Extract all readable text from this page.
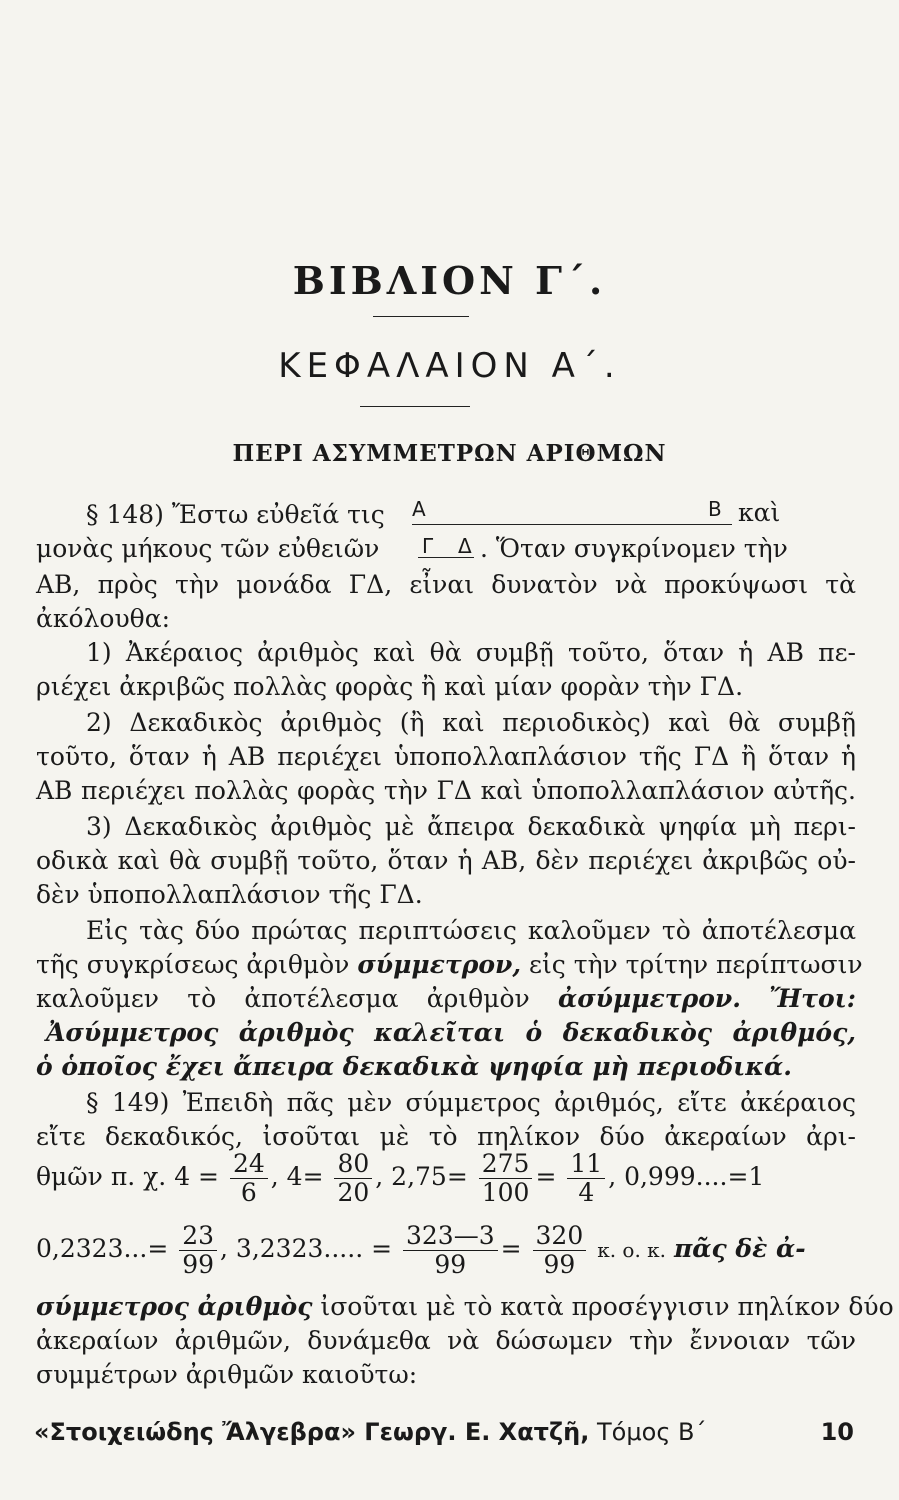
ΒΙΒΛΙΟΝ Γ΄.
ΚΕΦΑΛΑΙΟΝ Α΄.
ΠΕΡΙ ΑΣΥΜΜΕΤΡΩΝ ΑΡΙΘΜΩΝ
§ 148) Ἔστω εὐθεῖά τις	A	B καὶ
μονὰς μήκους τῶν εὐθειῶν Γ Δ . Ὅταν συγκρίνομεν τὴν
AB, πρὸς τὴν μονάδα ΓΔ, εἶναι δυνατὸν νὰ προκύψωσι τὰ
ἀκόλουθα:
1) Ἀκέραιος ἀριθμὸς καὶ θὰ συμβῇ τοῦτο, ὅταν ἡ AB πε-
ριέχει ἀκριβῶς πολλὰς φορὰς ἢ καὶ μίαν φορὰν τὴν ΓΔ.
2) Δεκαδικὸς ἀριθμὸς (ἢ καὶ περιοδικὸς) καὶ θὰ συμβῇ
τοῦτο, ὅταν ἡ AB περιέχει ὑποπολλαπλάσιον τῆς ΓΔ ἢ ὅταν ἡ
AB περιέχει πολλὰς φορὰς τὴν ΓΔ καὶ ὑποπολλαπλάσιον αὐτῆς.
3) Δεκαδικὸς ἀριθμὸς μὲ ἄπειρα δεκαδικὰ ψηφία μὴ περι-
οδικὰ καὶ θὰ συμβῇ τοῦτο, ὅταν ἡ AB, δὲν περιέχει ἀκριβῶς οὐ-
δὲν ὑποπολλαπλάσιον τῆς ΓΔ.
Εἰς τὰς δύο πρώτας περιπτώσεις καλοῦμεν τὸ ἀποτέλεσμα
τῆς συγκρίσεως ἀριθμὸν σύμμετρον, εἰς τὴν τρίτην περίπτωσιν
καλοῦμεν τὸ ἀποτέλεσμα ἀριθμὸν ἀσύμμετρον. Ἤτοι:
Ἀσύμμετρος ἀριθμὸς καλεῖται ὁ δεκαδικὸς ἀριθμός,
ὁ ὁποῖος ἔχει ἄπειρα δεκαδικὰ ψηφία μὴ περιοδικά.
§ 149) Ἐπειδὴ πᾶς μὲν σύμμετρος ἀριθμός, εἴτε ἀκέραιος
εἴτε δεκαδικός, ἰσοῦται μὲ τὸ πηλίκον δύο ἀκεραίων ἀρι-
θμῶν π. χ. $4 = \frac{24}{6}$ , $4= \frac{80}{20}$ , $2,75= \frac{275}{100} = \frac{11}{4}$ , 0,999....=1
$0,2323...= \frac{23}{99}$ , 3,2323..... = $\frac{323—3}{99} = \frac{320}{99} \kappa$. ο. κ. πᾶς δὲ ἀ-
σύμμετρος ἀριθμὸς ἰσοῦται μὲ τὸ κατὰ προσέγγισιν πηλίκον δύο
ἀκεραίων ἀριθμῶν, δυνάμεθα νὰ δώσωμεν τὴν ἔννοιαν τῶν
συμμέτρων ἀριθμῶν καιοῦτω:
«Στοιχειώδης Ἄλγεβρα» Γεωργ. Ε. Χατζῆ, Τόμος Β΄	10
